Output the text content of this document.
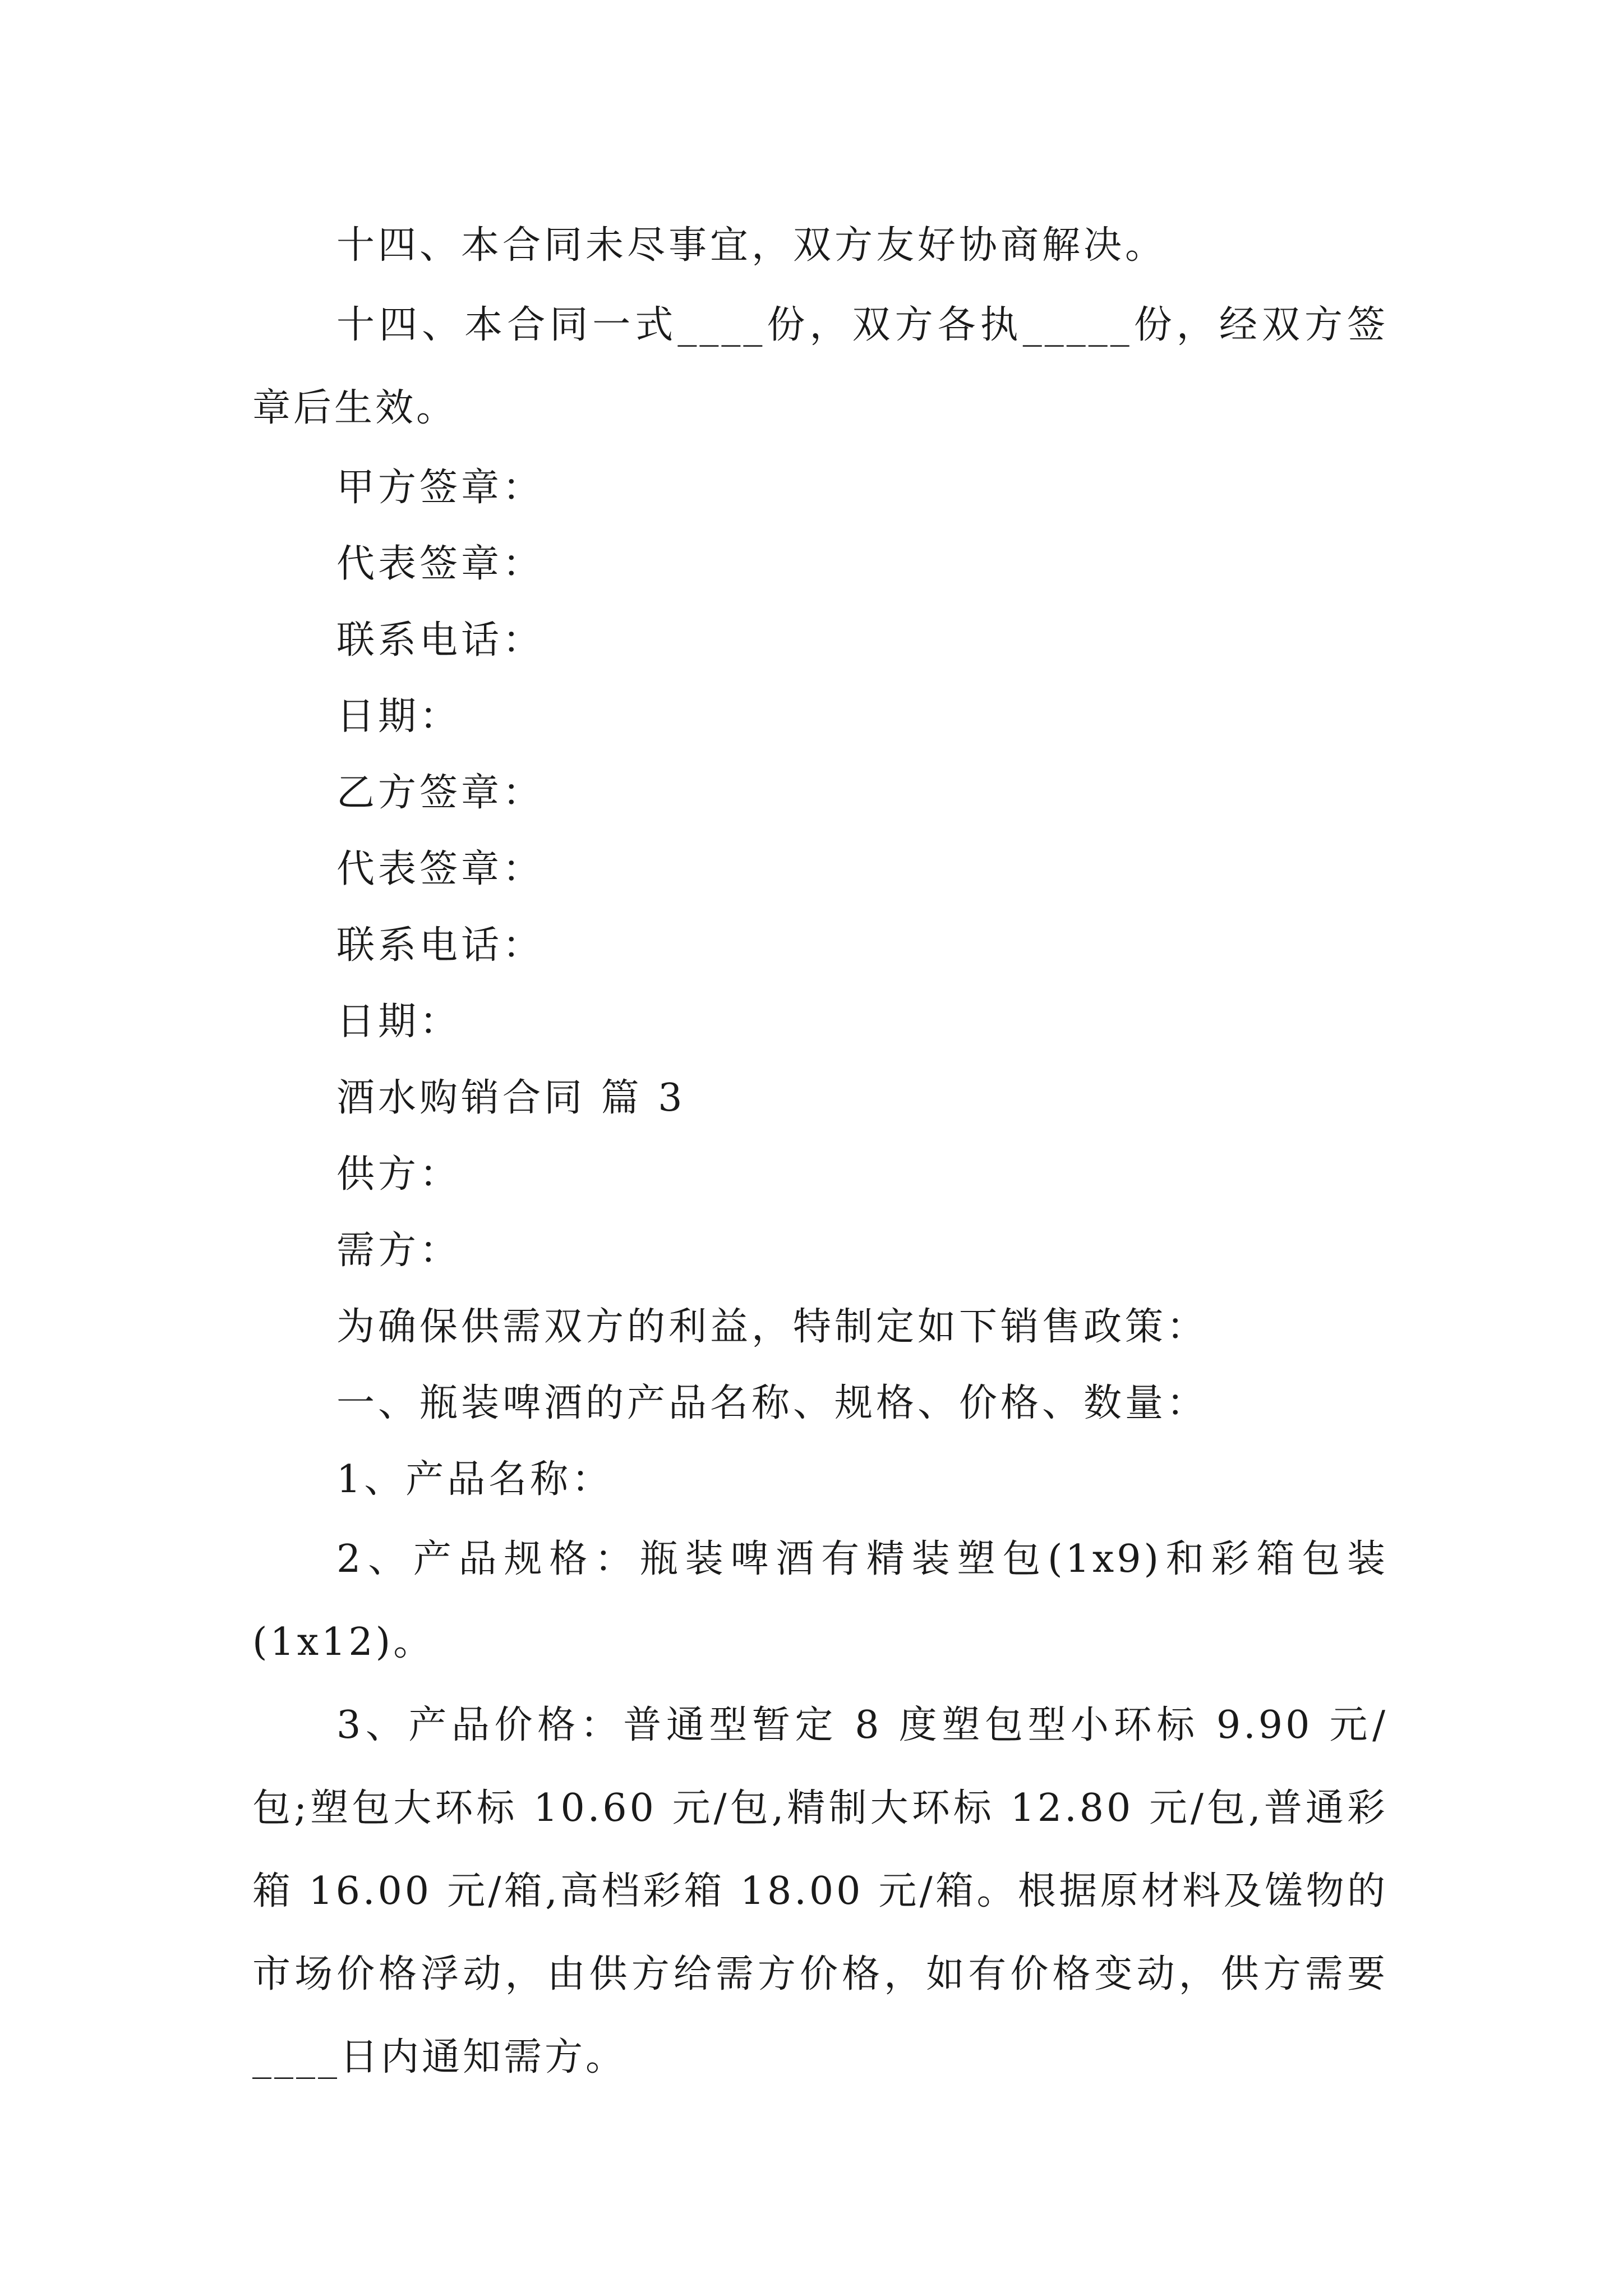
十四、本合同未尽事宜，双方友好协商解决。

十四、本合同一式____份，双方各执_____份，经双方签章后生效。

甲方签章：

代表签章：

联系电话：

日期：

乙方签章：

代表签章：

联系电话：

日期：

酒水购销合同 篇 3

供方：

需方：

为确保供需双方的利益，特制定如下销售政策：

一、瓶装啤酒的产品名称、规格、价格、数量：

1、产品名称：

2、产品规格：瓶装啤酒有精装塑包(1x9)和彩箱包装(1x12)。

3、产品价格：普通型暂定 8 度塑包型小环标 9.90 元/包;塑包大环标 10.60 元/包,精制大环标 12.80 元/包,普通彩箱 16.00 元/箱,高档彩箱 18.00 元/箱。根据原材料及馐物的市场价格浮动，由供方给需方价格，如有价格变动，供方需要____日内通知需方。
